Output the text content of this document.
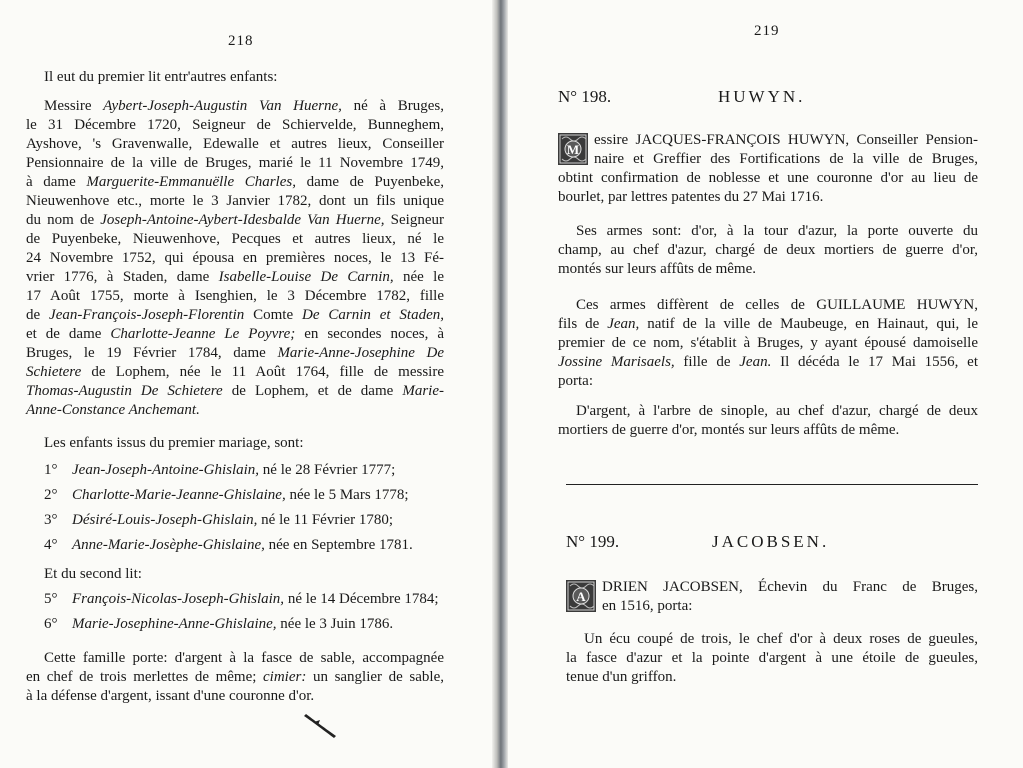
218
Il eut du premier lit entr'autres enfants:
Messire Aybert-Joseph-Augustin Van Huerne, né à Bruges,
le 31 Décembre 1720, Seigneur de Schiervelde, Bunneghem,
Ayshove, 's Gravenwalle, Edewalle et autres lieux, Conseiller
Pensionnaire de la ville de Bruges, marié le 11 Novembre 1749,
à dame Marguerite-Emmanuëlle Charles, dame de Puyenbeke,
Nieuwenhove etc., morte le 3 Janvier 1782, dont un fils unique
du nom de Joseph-Antoine-Aybert-Idesbalde Van Huerne, Seigneur
de Puyenbeke, Nieuwenhove, Pecques et autres lieux, né le
24 Novembre 1752, qui épousa en premières noces, le 13 Fé-
vrier 1776, à Staden, dame Isabelle-Louise De Carnin, née le
17 Août 1755, morte à Isenghien, le 3 Décembre 1782, fille
de Jean-François-Joseph-Florentin Comte De Carnin et Staden,
et de dame Charlotte-Jeanne Le Poyvre; en secondes noces, à
Bruges, le 19 Février 1784, dame Marie-Anne-Josephine De
Schietere de Lophem, née le 11 Août 1764, fille de messire
Thomas-Augustin De Schietere de Lophem, et de dame Marie-
Anne-Constance Anchemant.
Les enfants issus du premier mariage, sont:
1° Jean-Joseph-Antoine-Ghislain, né le 28 Février 1777;
2° Charlotte-Marie-Jeanne-Ghislaine, née le 5 Mars 1778;
3° Désiré-Louis-Joseph-Ghislain, né le 11 Février 1780;
4° Anne-Marie-Josèphe-Ghislaine, née en Septembre 1781.
Et du second lit:
5° François-Nicolas-Joseph-Ghislain, né le 14 Décembre 1784;
6° Marie-Josephine-Anne-Ghislaine, née le 3 Juin 1786.
Cette famille porte: d'argent à la fasce de sable, accompagnée
en chef de trois merlettes de même; cimier: un sanglier de sable,
à la défense d'argent, issant d'une couronne d'or.
219
N° 198.	HUWYN.
M
essire JACQUES-FRANÇOIS HUWYN, Conseiller Pension-
naire et Greffier des Fortifications de la ville de Bruges,
obtint confirmation de noblesse et une couronne d'or au lieu de
bourlet, par lettres patentes du 27 Mai 1716.
Ses armes sont: d'or, à la tour d'azur, la porte ouverte du
champ, au chef d'azur, chargé de deux mortiers de guerre d'or,
montés sur leurs affûts de même.
Ces armes diffèrent de celles de GUILLAUME HUWYN,
fils de Jean, natif de la ville de Maubeuge, en Hainaut, qui, le
premier de ce nom, s'établit à Bruges, y ayant épousé damoiselle
Jossine Marisaels, fille de Jean. Il décéda le 17 Mai 1556, et
porta:
D'argent, à l'arbre de sinople, au chef d'azur, chargé de deux
mortiers de guerre d'or, montés sur leurs affûts de même.
N° 199.	JACOBSEN.
A
DRIEN JACOBSEN, Échevin du Franc de Bruges,
en 1516, porta:
Un écu coupé de trois, le chef d'or à deux roses de gueules,
la fasce d'azur et la pointe d'argent à une étoile de gueules,
tenue d'un griffon.
